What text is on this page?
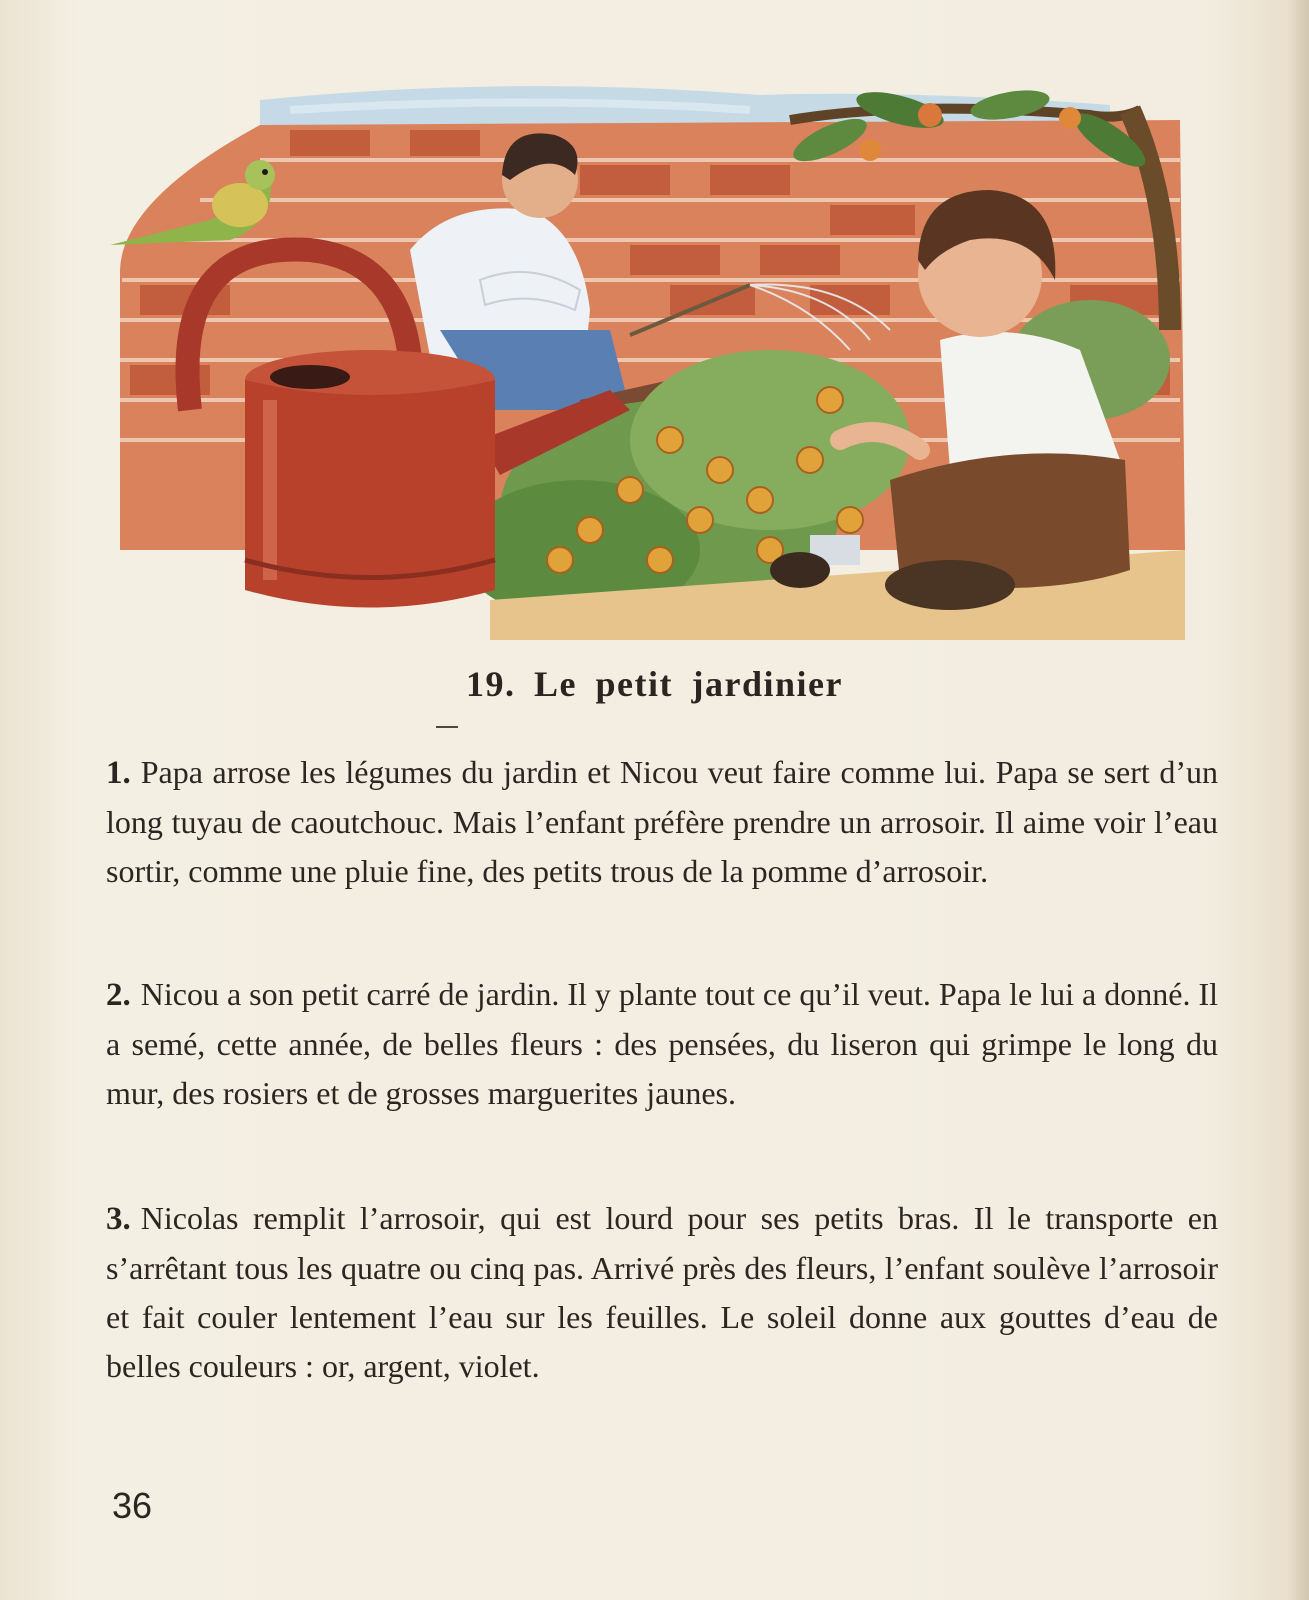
19. Le petit jardinier

1. Papa arrose les légumes du jardin et Nicou veut faire comme lui. Papa se sert d’un long tuyau de caoutchouc. Mais l’enfant préfère prendre un arrosoir. Il aime voir l’eau sortir, comme une pluie fine, des petits trous de la pomme d’arrosoir.

2. Nicou a son petit carré de jardin. Il y plante tout ce qu’il veut. Papa le lui a donné. Il a semé, cette année, de belles fleurs : des pensées, du liseron qui grimpe le long du mur, des rosiers et de grosses marguerites jaunes.

3. Nicolas remplit l’arrosoir, qui est lourd pour ses petits bras. Il le transporte en s’arrêtant tous les quatre ou cinq pas. Arrivé près des fleurs, l’enfant soulève l’arrosoir et fait couler lentement l’eau sur les feuilles. Le soleil donne aux gouttes d’eau de belles couleurs : or, argent, violet.

36
